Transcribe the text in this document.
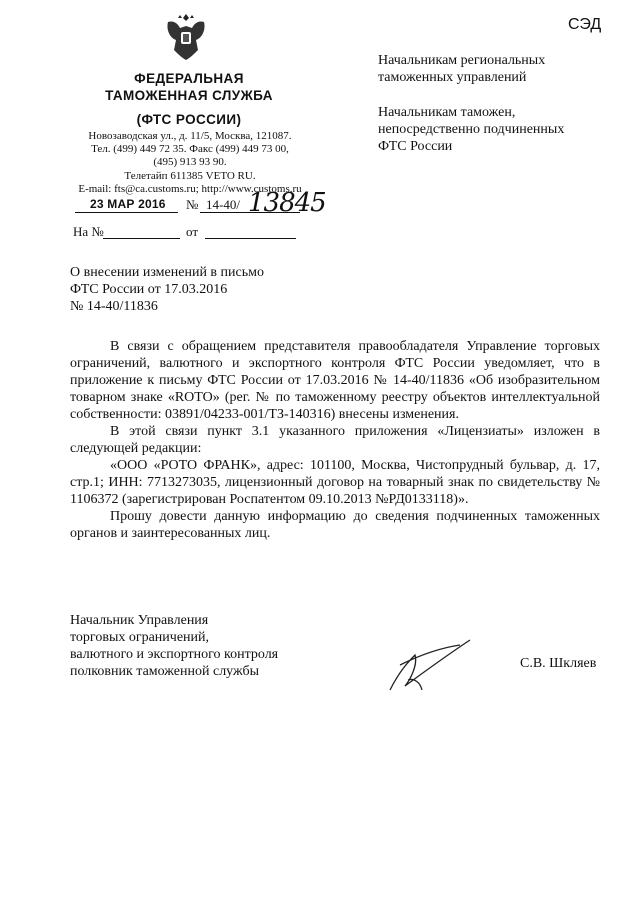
СЭД
ФЕДЕРАЛЬНАЯ
ТАМОЖЕННАЯ СЛУЖБА
(ФТС РОССИИ)
Новозаводская ул., д. 11/5, Москва, 121087.
Тел. (499) 449 72 35. Факс (499) 449 73 00,
(495) 913 93 90.
Телетайп 611385 VETO RU.
E-mail: fts@ca.customs.ru; http://www.customs.ru
23 МАР 2016 № 14-40/ 13845
На №	от
Начальникам региональных
таможенных управлений
Начальникам таможен,
непосредственно подчиненных
ФТС России
О внесении изменений в письмо
ФТС России от 17.03.2016
№ 14-40/11836

В связи с обращением представителя правообладателя Управление торговых ограничений, валютного и экспортного контроля ФТС России уведомляет, что в приложение к письму ФТС России от 17.03.2016 № 14-40/11836 «Об изобразительном товарном знаке «ROTO» (рег. № по таможенному реестру объектов интеллектуальной собственности: 03891/04233-001/ТЗ-140316) внесены изменения.

В этой связи пункт 3.1 указанного приложения «Лицензиаты» изложен в следующей редакции:

«ООО «РОТО ФРАНК», адрес: 101100, Москва, Чистопрудный бульвар, д. 17, стр.1; ИНН: 7713273035, лицензионный договор на товарный знак по свидетельству № 1106372 (зарегистрирован Роспатентом 09.10.2013 №РД0133118)».

Прошу довести данную информацию до сведения подчиненных таможенных органов и заинтересованных лиц.

Начальник Управления
торговых ограничений,
валютного и экспортного контроля
полковник таможенной службы
С.В. Шкляев
